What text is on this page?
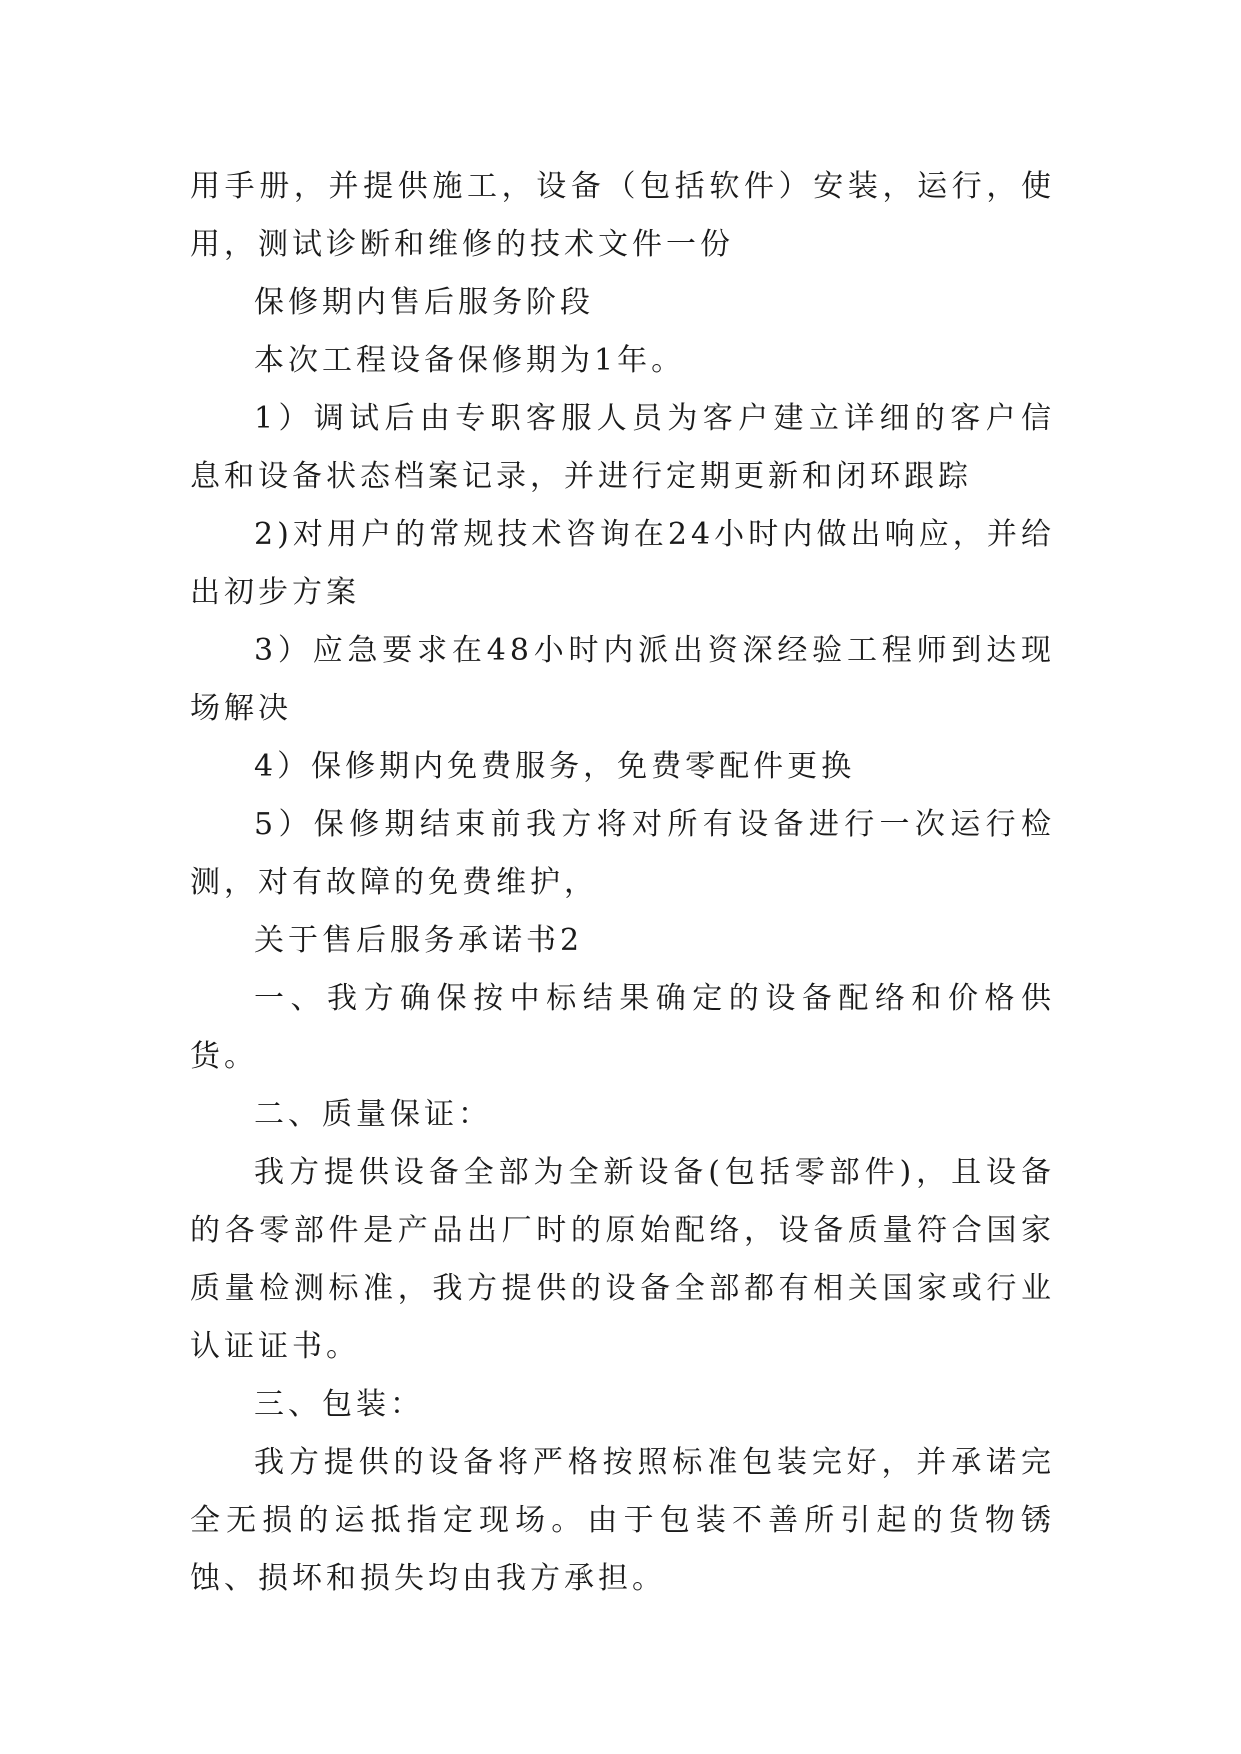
用手册，并提供施工，设备（包括软件）安装，运行，使用，测试诊断和维修的技术文件一份

保修期内售后服务阶段

本次工程设备保修期为1年。

1）调试后由专职客服人员为客户建立详细的客户信息和设备状态档案记录，并进行定期更新和闭环跟踪

2)对用户的常规技术咨询在24小时内做出响应，并给出初步方案

3）应急要求在48小时内派出资深经验工程师到达现场解决

4）保修期内免费服务，免费零配件更换

5）保修期结束前我方将对所有设备进行一次运行检测，对有故障的免费维护，

关于售后服务承诺书2

一、我方确保按中标结果确定的设备配络和价格供货。

二、质量保证：

我方提供设备全部为全新设备(包括零部件)，且设备的各零部件是产品出厂时的原始配络，设备质量符合国家质量检测标准，我方提供的设备全部都有相关国家或行业认证证书。

三、包装：

我方提供的设备将严格按照标准包装完好，并承诺完全无损的运抵指定现场。由于包装不善所引起的货物锈蚀、损坏和损失均由我方承担。
